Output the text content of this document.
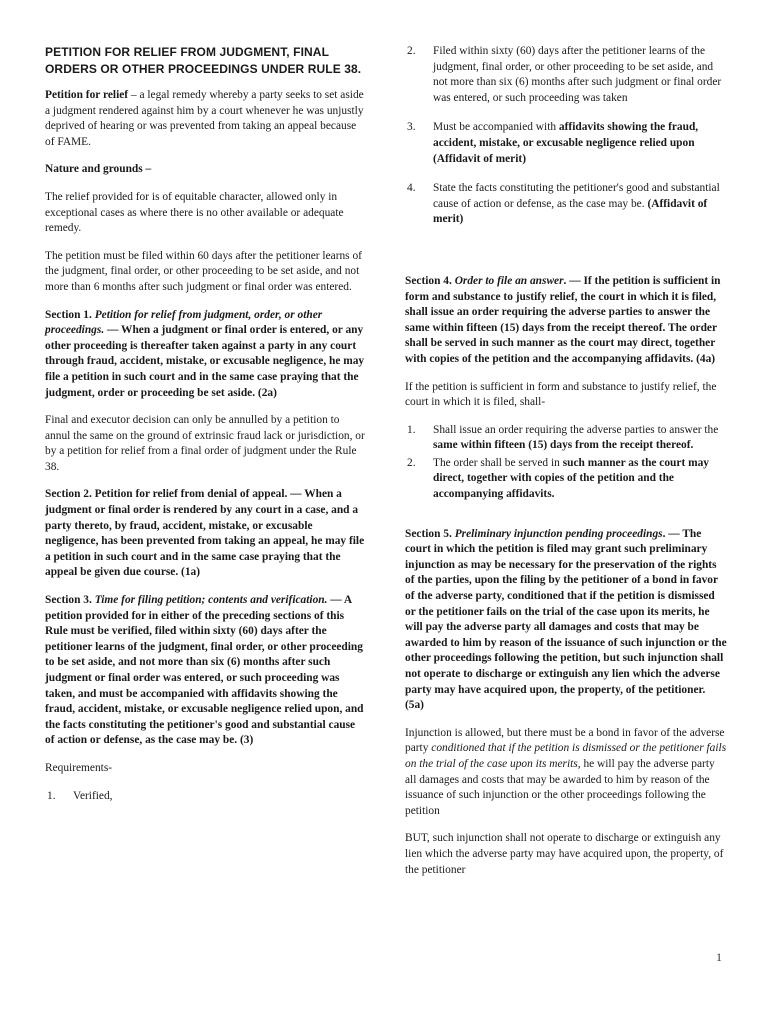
PETITION FOR RELIEF FROM JUDGMENT, FINAL ORDERS OR OTHER PROCEEDINGS UNDER RULE 38.

Petition for relief – a legal remedy whereby a party seeks to set aside a judgment rendered against him by a court whenever he was unjustly deprived of hearing or was prevented from taking an appeal because of FAME.

Nature and grounds –

The relief provided for is of equitable character, allowed only in exceptional cases as where there is no other available or adequate remedy.

The petition must be filed within 60 days after the petitioner learns of the judgment, final order, or other proceeding to be set aside, and not more than 6 months after such judgment or final order was entered.

Section 1. Petition for relief from judgment, order, or other proceedings. — When a judgment or final order is entered, or any other proceeding is thereafter taken against a party in any court through fraud, accident, mistake, or excusable negligence, he may file a petition in such court and in the same case praying that the judgment, order or proceeding be set aside. (2a)

Final and executor decision can only be annulled by a petition to annul the same on the ground of extrinsic fraud lack or jurisdiction, or by a petition for relief from a final order of judgment under the Rule 38.

Section 2. Petition for relief from denial of appeal. — When a judgment or final order is rendered by any court in a case, and a party thereto, by fraud, accident, mistake, or excusable negligence, has been prevented from taking an appeal, he may file a petition in such court and in the same case praying that the appeal be given due course. (1a)

Section 3. Time for filing petition; contents and verification. — A petition provided for in either of the preceding sections of this Rule must be verified, filed within sixty (60) days after the petitioner learns of the judgment, final order, or other proceeding to be set aside, and not more than six (6) months after such judgment or final order was entered, or such proceeding was taken, and must be accompanied with affidavits showing the fraud, accident, mistake, or excusable negligence relied upon, and the facts constituting the petitioner's good and substantial cause of action or defense, as the case may be. (3)

Requirements-

1.	Verified,
2.	Filed within sixty (60) days after the petitioner learns of the judgment, final order, or other proceeding to be set aside, and not more than six (6) months after such judgment or final order was entered, or such proceeding was taken
3.	Must be accompanied with affidavits showing the fraud, accident, mistake, or excusable negligence relied upon (Affidavit of merit)
4.	State the facts constituting the petitioner's good and substantial cause of action or defense, as the case may be. (Affidavit of merit)

Section 4. Order to file an answer. — If the petition is sufficient in form and substance to justify relief, the court in which it is filed, shall issue an order requiring the adverse parties to answer the same within fifteen (15) days from the receipt thereof. The order shall be served in such manner as the court may direct, together with copies of the petition and the accompanying affidavits. (4a)

If the petition is sufficient in form and substance to justify relief, the court in which it is filed, shall-

1.	Shall issue an order requiring the adverse parties to answer the same within fifteen (15) days from the receipt thereof.
2.	The order shall be served in such manner as the court may direct, together with copies of the petition and the accompanying affidavits.

Section 5. Preliminary injunction pending proceedings. — The court in which the petition is filed may grant such preliminary injunction as may be necessary for the preservation of the rights of the parties, upon the filing by the petitioner of a bond in favor of the adverse party, conditioned that if the petition is dismissed or the petitioner fails on the trial of the case upon its merits, he will pay the adverse party all damages and costs that may be awarded to him by reason of the issuance of such injunction or the other proceedings following the petition, but such injunction shall not operate to discharge or extinguish any lien which the adverse party may have acquired upon, the property, of the petitioner. (5a)

Injunction is allowed, but there must be a bond in favor of the adverse party conditioned that if the petition is dismissed or the petitioner fails on the trial of the case upon its merits, he will pay the adverse party all damages and costs that may be awarded to him by reason of the issuance of such injunction or the other proceedings following the petition

BUT, such injunction shall not operate to discharge or extinguish any lien which the adverse party may have acquired upon, the property, of the petitioner

1
